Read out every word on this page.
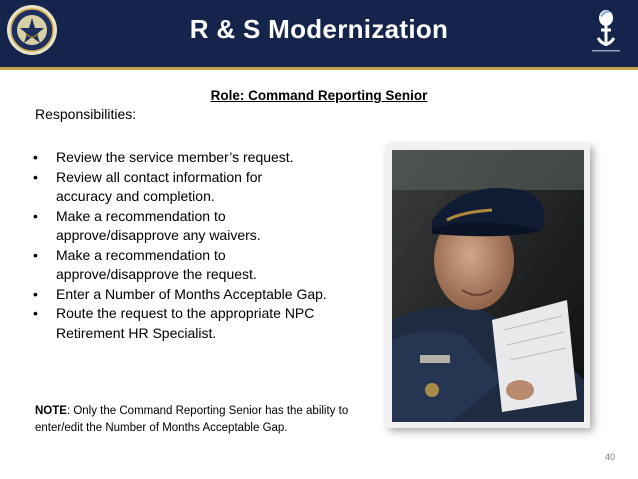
R & S Modernization
Role: Command Reporting Senior
Responsibilities:
• Review the service member’s request.
• Review all contact information for accuracy and completion.
• Make a recommendation to approve/disapprove any waivers.
• Make a recommendation to approve/disapprove the request.
• Enter a Number of Months Acceptable Gap.
• Route the request to the appropriate NPC Retirement HR Specialist.
NOTE: Only the Command Reporting Senior has the ability to enter/edit the Number of Months Acceptable Gap.
40
